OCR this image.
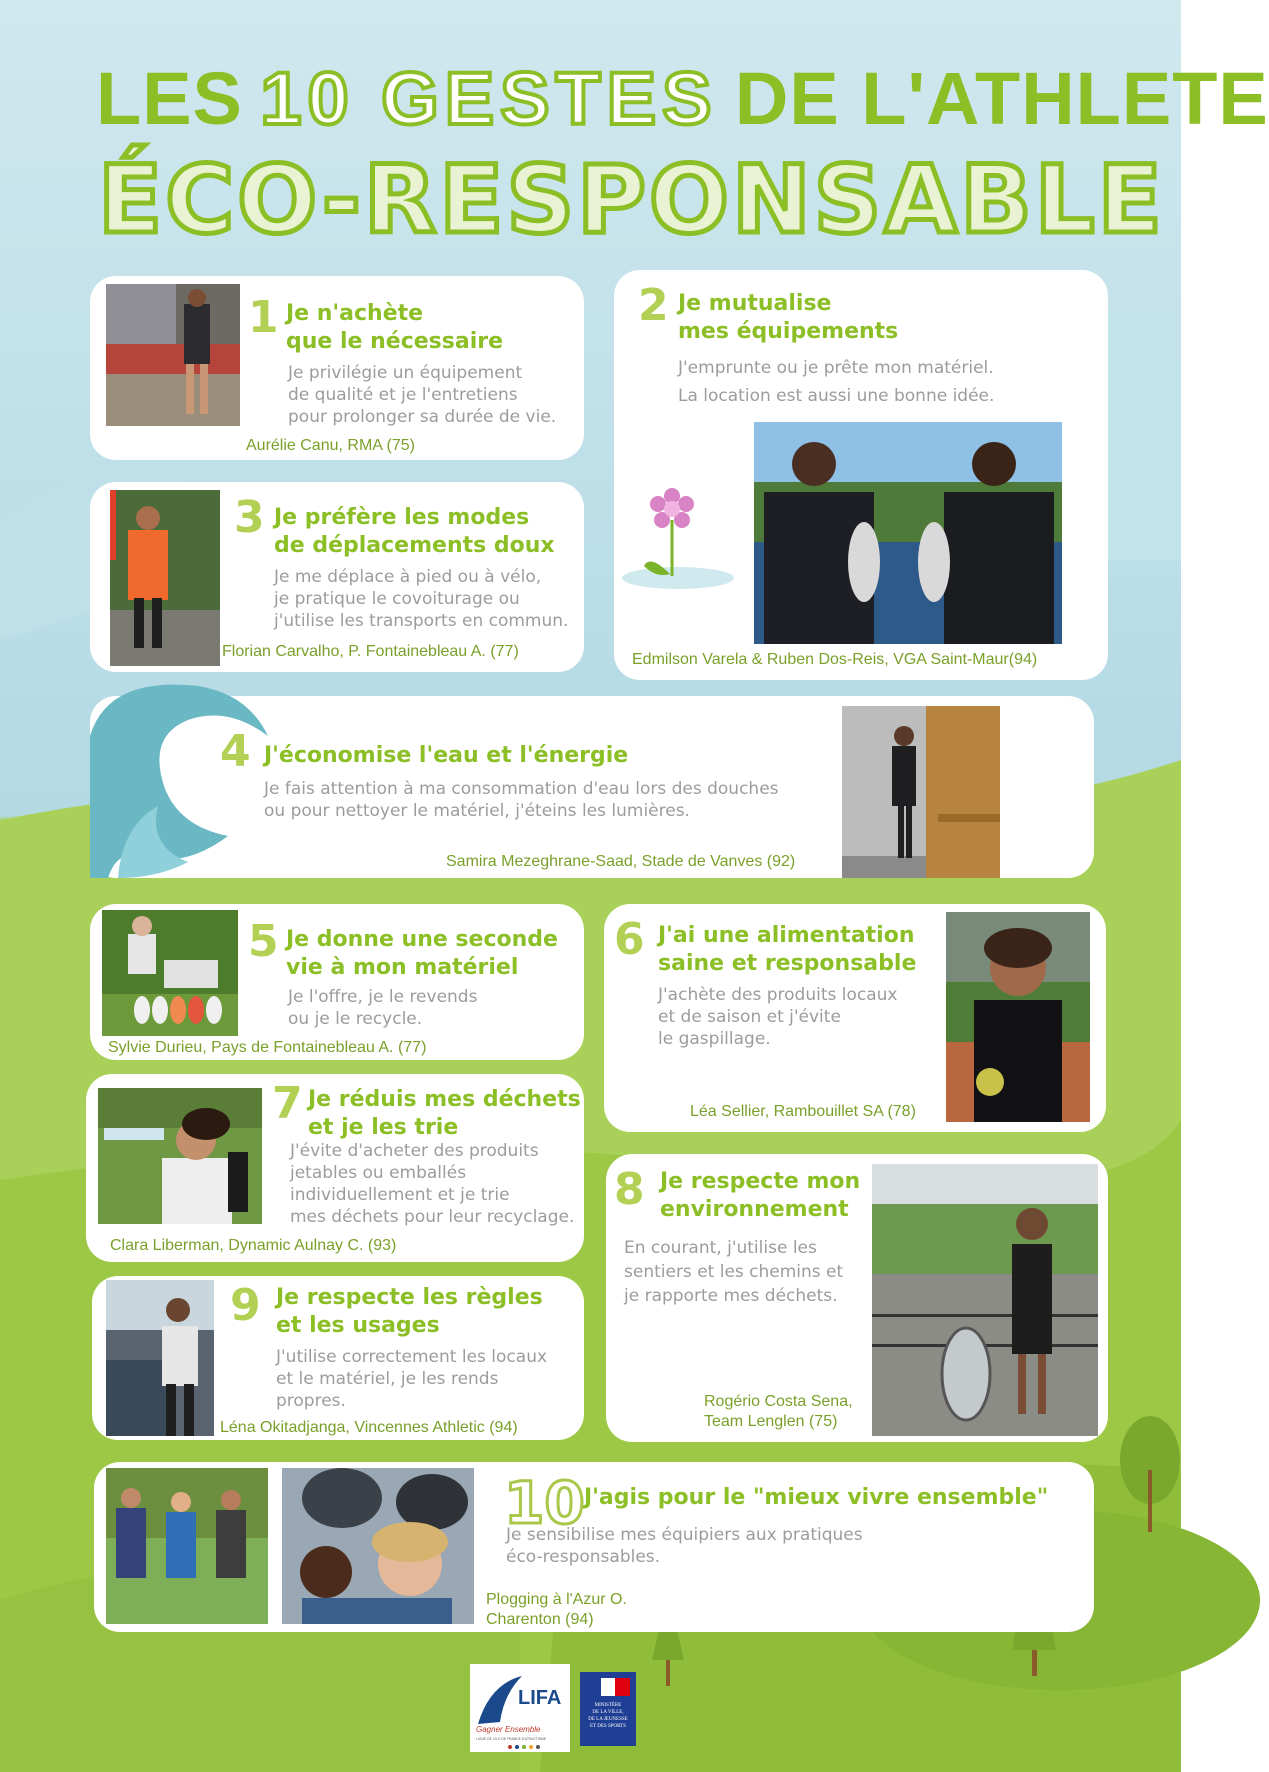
LES 10 GESTES DE L'ATHLETE
ÉCO-RESPONSABLE
1 Je n'achète
que le nécessaire
Je privilégie un équipement
de qualité et je l'entretiens
pour prolonger sa durée de vie.
Aurélie Canu, RMA (75)
2 Je mutualise
mes équipements
J'emprunte ou je prête mon matériel.
La location est aussi une bonne idée.
Edmilson Varela & Ruben Dos-Reis, VGA Saint-Maur(94)
3 Je préfère les modes
de déplacements doux
Je me déplace à pied ou à vélo,
je pratique le covoiturage ou
j'utilise les transports en commun.
Florian Carvalho, P. Fontainebleau A. (77)
4 J'économise l'eau et l'énergie
Je fais attention à ma consommation d'eau lors des douches
ou pour nettoyer le matériel, j'éteins les lumières.
Samira Mezeghrane-Saad, Stade de Vanves (92)
5 Je donne une seconde
vie à mon matériel
Je l'offre, je le revends
ou je le recycle.
Sylvie Durieu, Pays de Fontainebleau A. (77)
6 J'ai une alimentation
saine et responsable
J'achète des produits locaux
et de saison et j'évite
le gaspillage.
Léa Sellier, Rambouillet SA (78)
7 Je réduis mes déchets
et je les trie
J'évite d'acheter des produits
jetables ou emballés
individuellement et je trie
mes déchets pour leur recyclage.
Clara Liberman, Dynamic Aulnay C. (93)
8 Je respecte mon
environnement
En courant, j'utilise les
sentiers et les chemins et
je rapporte mes déchets.
Rogério Costa Sena,
Team Lenglen (75)
9 Je respecte les règles
et les usages
J'utilise correctement les locaux
et le matériel, je les rends
propres.
Léna Okitadjanga, Vincennes Athletic (94)
10 J'agis pour le "mieux vivre ensemble"
Je sensibilise mes équipiers aux pratiques
éco-responsables.
Plogging à l'Azur O.
Charenton (94)
LIFA
Gagner Ensemble
LIGUE DE L'ILE DE FRANCE D'ATHLETISME
MINISTÈRE
DE LA VILLE,
DE LA JEUNESSE
ET DES SPORTS
